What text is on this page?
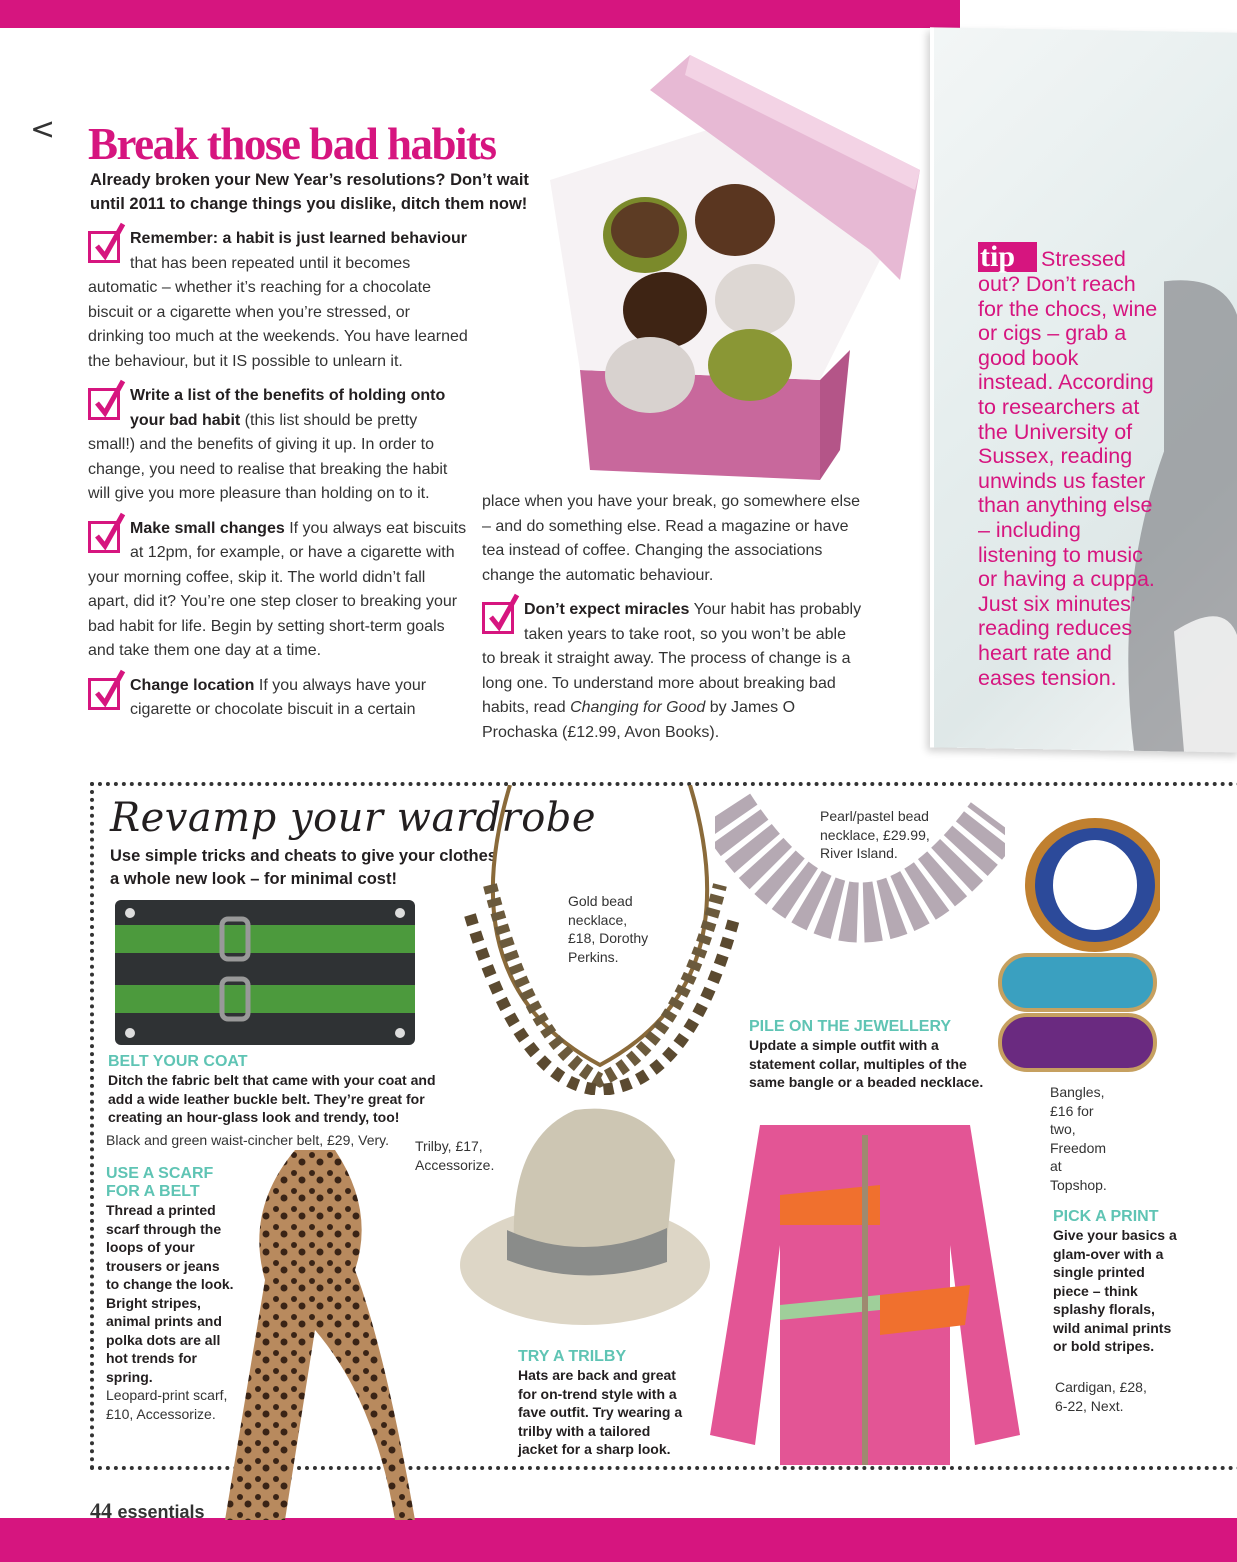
<
tip Stressed out? Don’t reach for the chocs, wine or cigs – grab a good book instead. According to researchers at the University of Sussex, reading unwinds us faster than anything else – including listening to music or having a cuppa. Just six minutes’ reading reduces heart rate and eases tension.
Break those bad habits
Already broken your New Year’s resolutions? Don’t wait until 2011 to change things you dislike, ditch them now!
Remember: a habit is just learned behaviour that has been repeated until it becomes automatic – whether it’s reaching for a chocolate biscuit or a cigarette when you’re stressed, or drinking too much at the weekends. You have learned the behaviour, but it IS possible to unlearn it.
Write a list of the benefits of holding onto your bad habit (this list should be pretty small!) and the benefits of giving it up. In order to change, you need to realise that breaking the habit will give you more pleasure than holding on to it.
Make small changes If you always eat biscuits at 12pm, for example, or have a cigarette with your morning coffee, skip it. The world didn’t fall apart, did it? You’re one step closer to breaking your bad habit for life. Begin by setting short-term goals and take them one day at a time.
Change location If you always have your cigarette or chocolate biscuit in a certain
place when you have your break, go somewhere else – and do something else. Read a magazine or have tea instead of coffee. Changing the associations change the automatic behaviour.
Don’t expect miracles Your habit has probably taken years to take root, so you won’t be able to break it straight away. The process of change is a long one. To understand more about breaking bad habits, read Changing for Good by James O Prochaska (£12.99, Avon Books).
Revamp your wardrobe
Use simple tricks and cheats to give your clothes a whole new look – for minimal cost!
BELT YOUR COAT
Ditch the fabric belt that came with your coat and add a wide leather buckle belt. They’re great for creating an hour-glass look and trendy, too!
Black and green waist-cincher belt, £29, Very.
USE A SCARF
FOR A BELT
Thread a printed scarf through the loops of your trousers or jeans to change the look. Bright stripes, animal prints and polka dots are all hot trends for spring.
Leopard-print scarf, £10, Accessorize.
Trilby, £17, Accessorize.
TRY A TRILBY
Hats are back and great for on-trend style with a fave outfit. Try wearing a trilby with a tailored jacket for a sharp look.
Gold bead necklace, £18, Dorothy Perkins.
Pearl/pastel bead necklace, £29.99, River Island.
PILE ON THE JEWELLERY
Update a simple outfit with a statement collar, multiples of the same bangle or a beaded necklace.
Bangles, £16 for two, Freedom at Topshop.
PICK A PRINT
Give your basics a glam-over with a single printed piece – think splashy florals, wild animal prints or bold stripes.
Cardigan, £28, 6-22, Next.
44 essentials
